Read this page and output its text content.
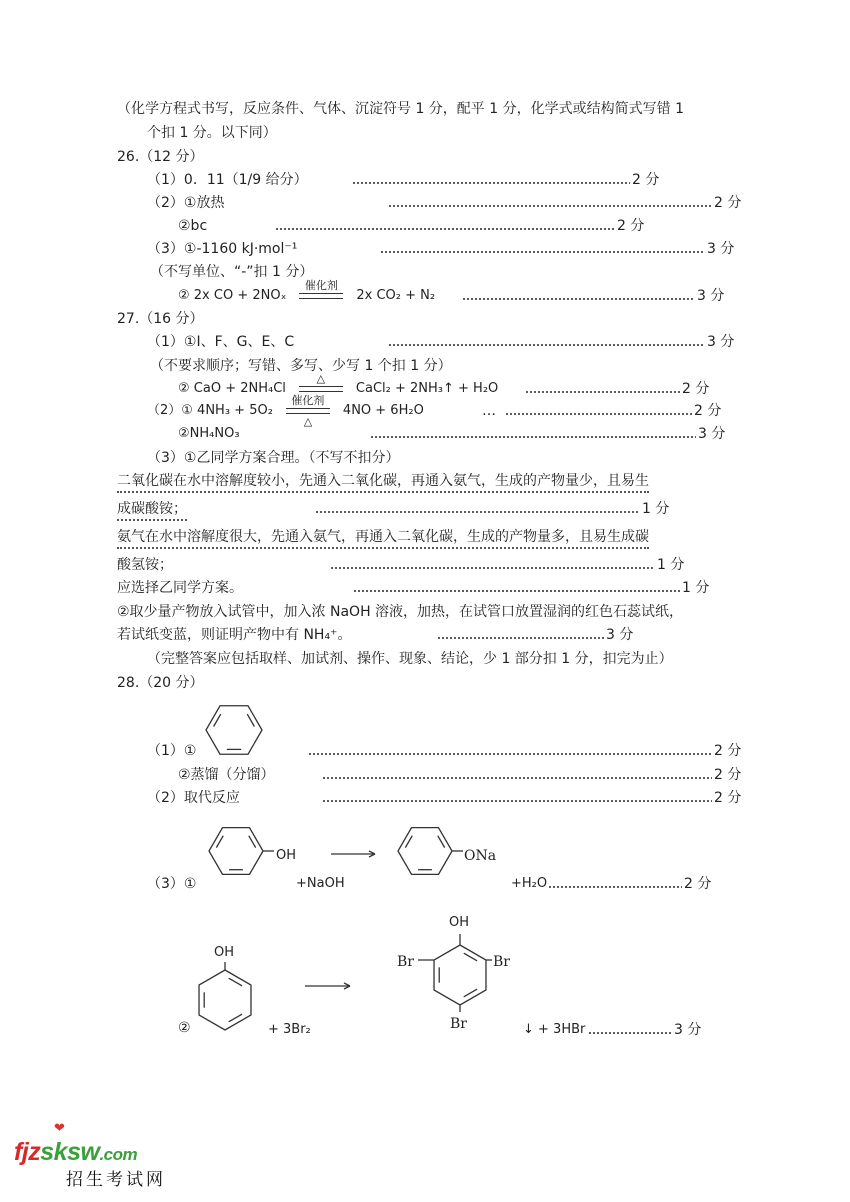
（化学方程式书写，反应条件、气体、沉淀符号 1 分，配平 1 分，化学式或结构简式写错 1
个扣 1 分。以下同）
26.（12 分）
（1）0．11（1/9 给分）	2 分
（2）①放热	2 分
②bc	2 分
（3）①-1160 kJ·mol⁻¹	3 分
（不写单位、“-”扣 1 分）
② 2x CO + 2NOₓ
催化剂
2x CO₂ + N₂	3 分
27.（16 分）
（1）①I、F、G、E、C	3 分
（不要求顺序；写错、多写、少写 1 个扣 1 分）
② CaO + 2NH₄Cl
△
CaCl₂ + 2NH₃↑ + H₂O	2 分
（2）① 4NH₃ + 5O₂
催化剂
△
4NO + 6H₂O	…	2 分
②NH₄NO₃	3 分
（3）①乙同学方案合理。（不写不扣分）
二氧化碳在水中溶解度较小，先通入二氧化碳，再通入氨气，生成的产物量少，且易生
成碳酸铵；	1 分
氨气在水中溶解度很大，先通入氨气，再通入二氧化碳，生成的产物量多，且易生成碳
酸氢铵；	1 分
应选择乙同学方案。	1 分
②取少量产物放入试管中，加入浓 NaOH 溶液，加热，在试管口放置湿润的红色石蕊试纸，
若试纸变蓝，则证明产物中有 NH₄⁺。	3 分
（完整答案应包括取样、加试剂、操作、现象、结论，少 1 部分扣 1 分，扣完为止）
28.（20 分）
（1）①	2 分
②蒸馏（分馏）	2 分
（2）取代反应	2 分
（3）①
OH
+NaOH
ONa
+H₂O	2 分
②
OH
+ 3Br₂
OH
Br	Br
Br	↓ + 3HBr	3 分
❤
fjzsksw.com
招生考试网
